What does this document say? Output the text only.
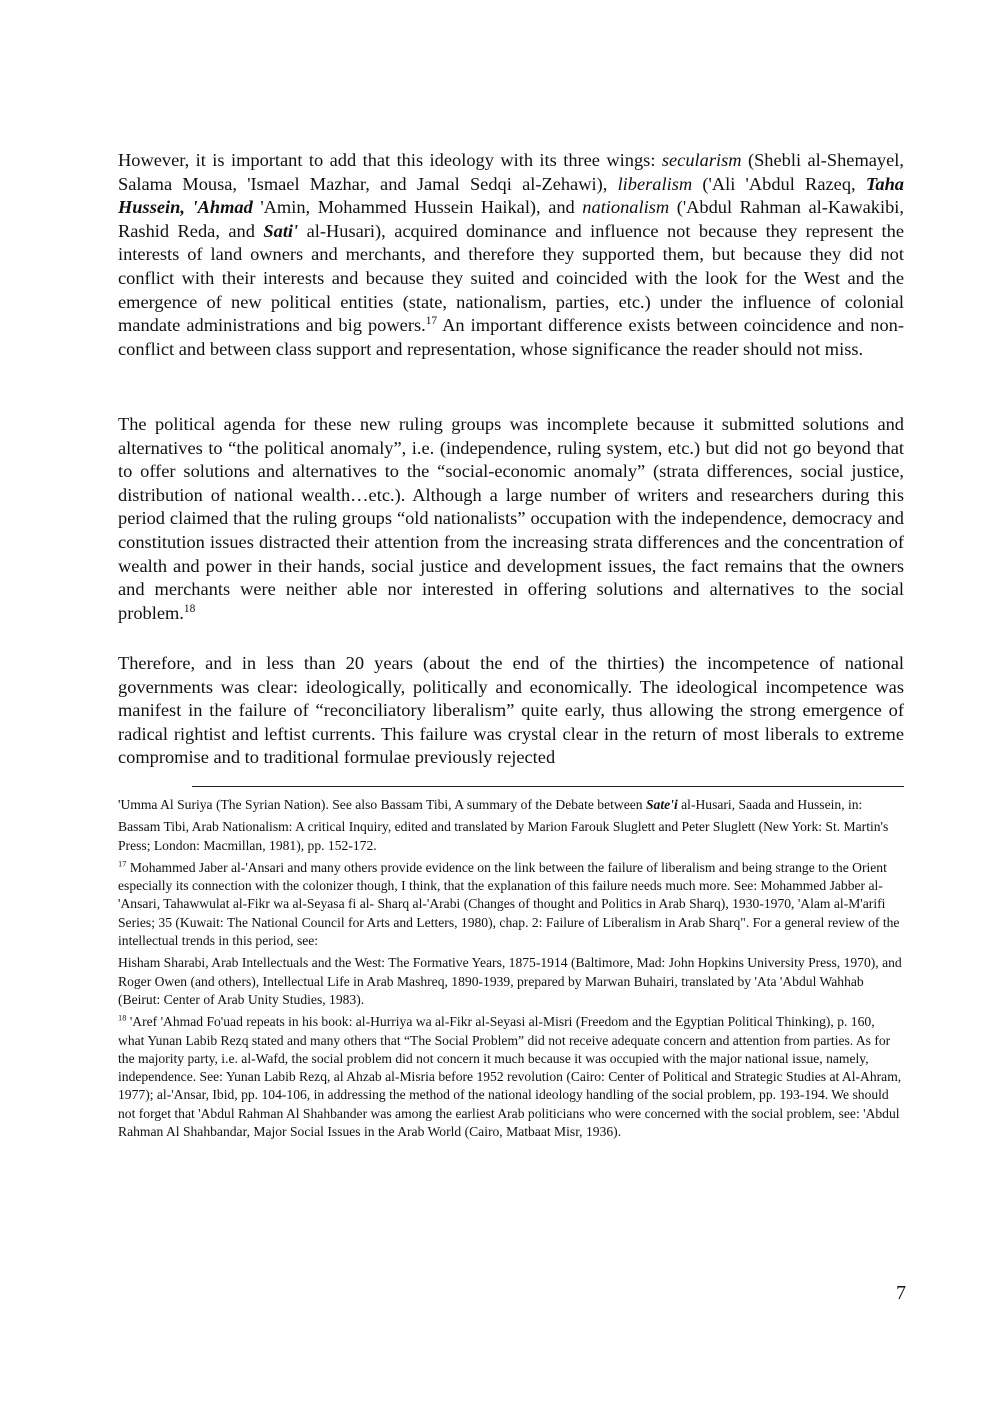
However, it is important to add that this ideology with its three wings: secularism (Shebli al-Shemayel, Salama Mousa, 'Ismael Mazhar, and Jamal Sedqi al-Zehawi), liberalism ('Ali 'Abdul Razeq, Taha Hussein, 'Ahmad 'Amin, Mohammed Hussein Haikal), and nationalism ('Abdul Rahman al-Kawakibi, Rashid Reda, and Sati' al-Husari), acquired dominance and influence not because they represent the interests of land owners and merchants, and therefore they supported them, but because they did not conflict with their interests and because they suited and coincided with the look for the West and the emergence of new political entities (state, nationalism, parties, etc.) under the influence of colonial mandate administrations and big powers.$^{17}$ An important difference exists between coincidence and non-conflict and between class support and representation, whose significance the reader should not miss.

The political agenda for these new ruling groups was incomplete because it submitted solutions and alternatives to “the political anomaly”, i.e. (independence, ruling system, etc.) but did not go beyond that to offer solutions and alternatives to the “social-economic anomaly” (strata differences, social justice, distribution of national wealth…etc.). Although a large number of writers and researchers during this period claimed that the ruling groups “old nationalists” occupation with the independence, democracy and constitution issues distracted their attention from the increasing strata differences and the concentration of wealth and power in their hands, social justice and development issues, the fact remains that the owners and merchants were neither able nor interested in offering solutions and alternatives to the social problem.$^{18}$

Therefore, and in less than 20 years (about the end of the thirties) the incompetence of national governments was clear: ideologically, politically and economically. The ideological incompetence was manifest in the failure of “reconciliatory liberalism” quite early, thus allowing the strong emergence of radical rightist and leftist currents. This failure was crystal clear in the return of most liberals to extreme compromise and to traditional formulae previously rejected

'Umma Al Suriya (The Syrian Nation). See also Bassam Tibi, A summary of the Debate between Sate'i al-Husari, Saada and Hussein, in:

Bassam Tibi, Arab Nationalism: A critical Inquiry, edited and translated by Marion Farouk Sluglett and Peter Sluglett (New York: St. Martin's Press; London: Macmillan, 1981), pp. 152-172.

$^{17}$ Mohammed Jaber al-'Ansari and many others provide evidence on the link between the failure of liberalism and being strange to the Orient especially its connection with the colonizer though, I think, that the explanation of this failure needs much more. See: Mohammed Jabber al-'Ansari, Tahawwulat al-Fikr wa al-Seyasa fi al- Sharq al-'Arabi (Changes of thought and Politics in Arab Sharq), 1930-1970, 'Alam al-M'arifi Series; 35 (Kuwait: The National Council for Arts and Letters, 1980), chap. 2: Failure of Liberalism in Arab Sharq". For a general review of the intellectual trends in this period, see:

Hisham Sharabi, Arab Intellectuals and the West: The Formative Years, 1875-1914 (Baltimore, Mad: John Hopkins University Press, 1970), and Roger Owen (and others), Intellectual Life in Arab Mashreq, 1890-1939, prepared by Marwan Buhairi, translated by 'Ata 'Abdul Wahhab (Beirut: Center of Arab Unity Studies, 1983).

$^{18}$ 'Aref 'Ahmad Fo'uad repeats in his book: al-Hurriya wa al-Fikr al-Seyasi al-Misri (Freedom and the Egyptian Political Thinking), p. 160, what Yunan Labib Rezq stated and many others that “The Social Problem” did not receive adequate concern and attention from parties. As for the majority party, i.e. al-Wafd, the social problem did not concern it much because it was occupied with the major national issue, namely, independence. See: Yunan Labib Rezq, al Ahzab al-Misria before 1952 revolution (Cairo: Center of Political and Strategic Studies at Al-Ahram, 1977); al-'Ansar, Ibid, pp. 104-106, in addressing the method of the national ideology handling of the social problem, pp. 193-194. We should not forget that 'Abdul Rahman Al Shahbander was among the earliest Arab politicians who were concerned with the social problem, see: 'Abdul Rahman Al Shahbandar, Major Social Issues in the Arab World (Cairo, Matbaat Misr, 1936).

7
